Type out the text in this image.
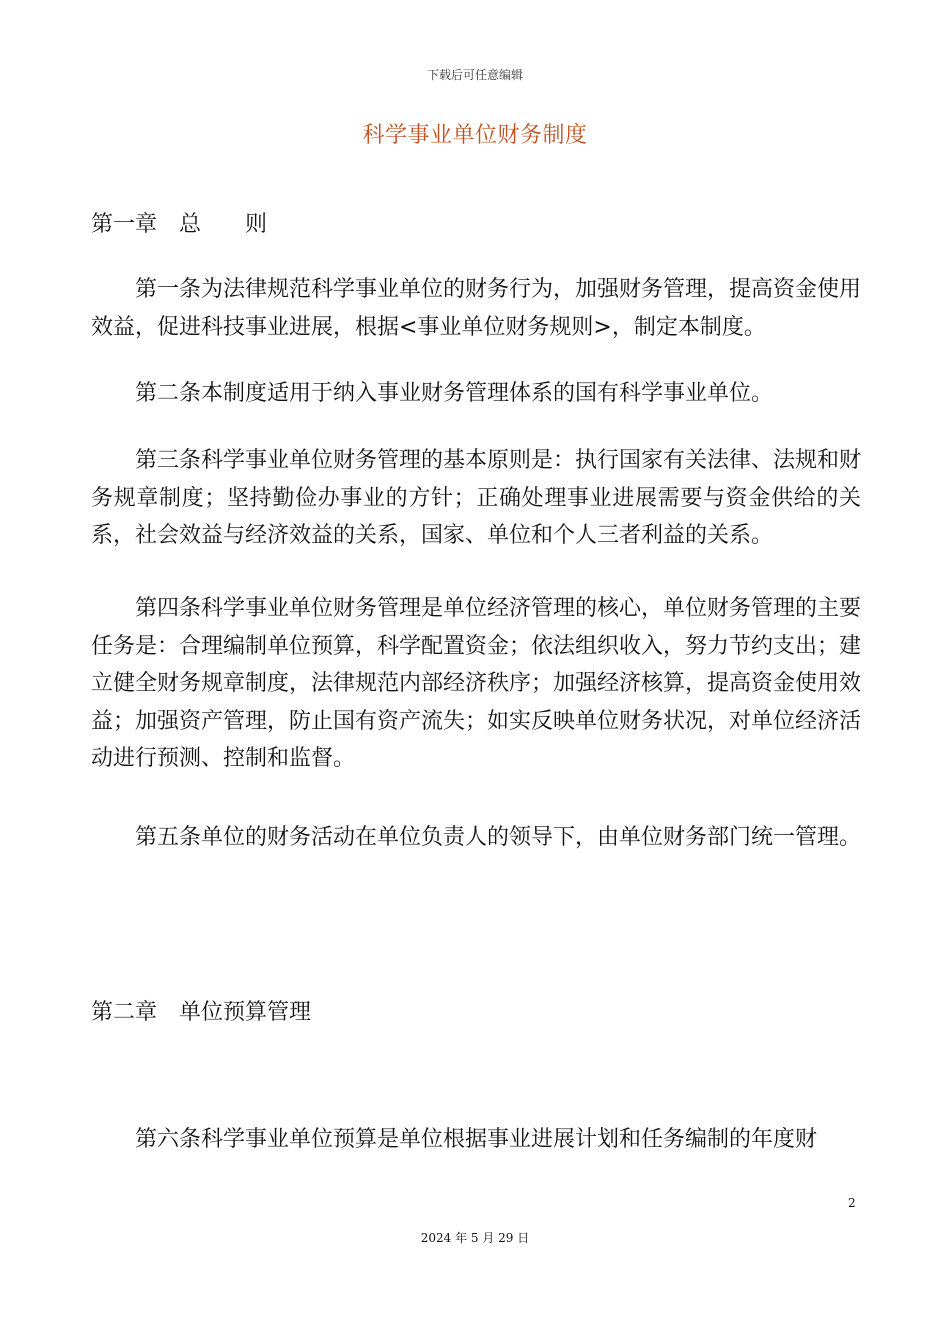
下载后可任意编辑
科学事业单位财务制度
第一章　总　　则

第一条为法律规范科学事业单位的财务行为，加强财务管理，提高资金使用效益，促进科技事业进展，根据<事业单位财务规则>，制定本制度。

第二条本制度适用于纳入事业财务管理体系的国有科学事业单位。

第三条科学事业单位财务管理的基本原则是：执行国家有关法律、法规和财务规章制度；坚持勤俭办事业的方针；正确处理事业进展需要与资金供给的关系，社会效益与经济效益的关系，国家、单位和个人三者利益的关系。

第四条科学事业单位财务管理是单位经济管理的核心，单位财务管理的主要任务是：合理编制单位预算，科学配置资金；依法组织收入，努力节约支出；建立健全财务规章制度，法律规范内部经济秩序；加强经济核算，提高资金使用效益；加强资产管理，防止国有资产流失；如实反映单位财务状况，对单位经济活动进行预测、控制和监督。

第五条单位的财务活动在单位负责人的领导下，由单位财务部门统一管理。

第二章　单位预算管理

第六条科学事业单位预算是单位根据事业进展计划和任务编制的年度财

2
2024 年 5 月 29 日
